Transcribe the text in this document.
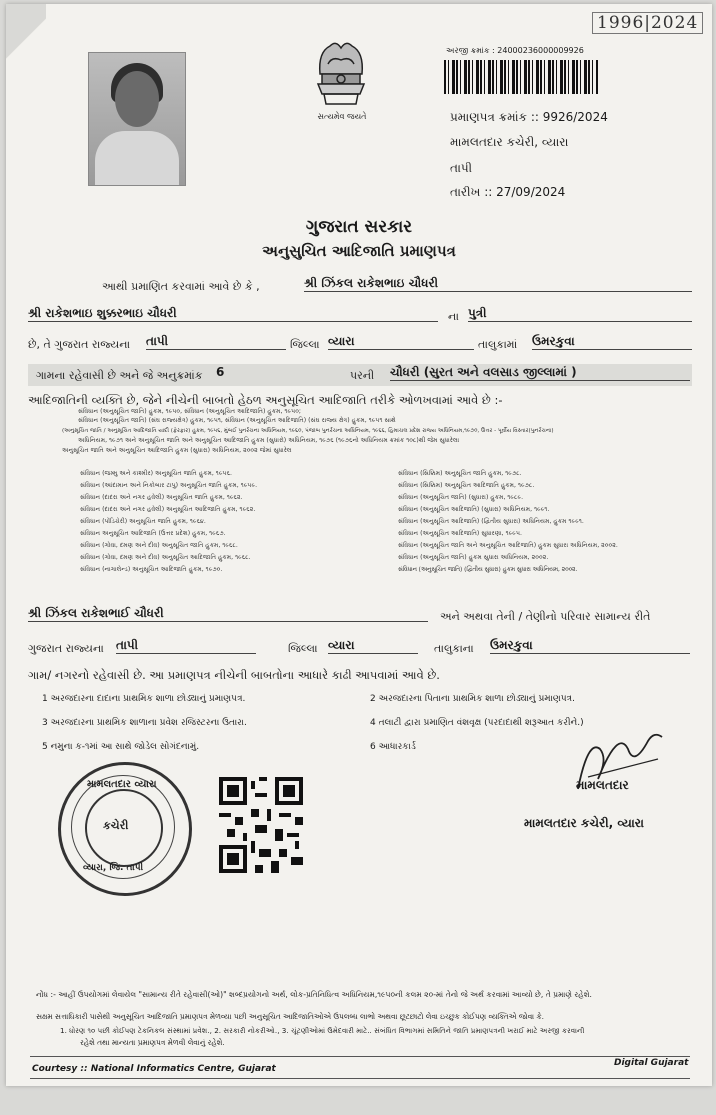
1996|2024
સત્યમેવ જયતે
અરજી ક્રમાંક : 24000236000009926
પ્રમાણપત્ર ક્રમાંક :: 9926/2024
મામલતદાર કચેરી, વ્યારા
તાપી
તારીખ :: 27/09/2024
ગુજરાત સરકાર
અનુસુચિત આદિજાતિ પ્રમાણપત્ર
આથી પ્રમાણિત કરવામાં આવે છે કે ,	શ્રી ઝિંકલ રાકેશભાઇ ચૌધરી
શ્રી રાકેશભાઇ શુક્કરભાઇ ચૌધરી	ના પુત્રી
છે, તે ગુજરાત રાજ્યના તાપી	જિલ્લા વ્યારા	તાલુકામાં ઉમરકુવા
ગામના રહેવાસી છે અને જે અનુક્રમાંક 6	પરની ચૌધરી (સુરત અને વલસાડ જીલ્લામાં )
આદિજાતિની વ્યક્તિ છે, જેને નીચેની બાબતો હેઠળ અનુસૂચિત આદિજાતિ તરીકે ઓળખવામાં આવે છે :-
સંવિધાન (અનુસૂચિત જાતિ) હુકમ, ૧૯૫૦, સંવિધાન (અનુસૂચિત આદિજાતિ) હુકમ, ૧૯૫૦;
સંવિધાન (અનુસૂચિત જાતિ) (સંઘ રાજ્યક્ષેત્ર) હુકમ, ૧૯૫૧, સંવિધાન (અનુસૂચિત આદિજાતિ) (સંઘ રાજ્ય ક્ષેત્ર) હુકમ, ૧૯૫૧ સાથે
(અનુસૂચિત જાતિ / અનુસૂચિત આદિજાતિ યાદી (ફેરફાર) હુકમ, ૧૯૫૬, મુંબઈ પુનર્રચના અધિનિયમ, ૧૯૬૦, પંજાબ પુનર્રચના અધિનિયમ, ૧૯૬૬, હિમાચલ પ્રદેશ રાજ્ય અધિનિયમ,૧૯૭૦, ઉત્તર - પૂર્વીય વિસ્તાર(પુનર્રચના)
અધિનિયમ, ૧૯૭૧ અને અનુસૂચિત જાતિ અને અનુસૂચિત આદિજાતિ હુકમ (સુધારો) અધિનિયમ, ૧૯૭૬ (૧૯૭૬નો અધિનિયમ ક્રમાંક ૧૦૮)થી જેમ સુધારેલા
અનુસૂચિત જાતિ અને અનુસૂચિત આદિજાતિ હુકમ (સુધારા) અધિનિયમ, ૨૦૦૨ જેમાં સુધારેલ
સંવિધાન (જમ્મુ અને કાશ્મીર) અનુસૂચિત જાતિ હુકમ, ૧૯૫૬.
સંવિધાન (આંદામાન અને નિકોબાર ટાપુ) અનુસૂચિત જાતિ હુકમ, ૧૯૫૯.
સંવિધાન (દાદરા અને નગર હવેલી) અનુસૂચિત જાતિ હુકમ, ૧૯૬૨.
સંવિધાન (દાદરા અને નગર હવેલી) અનુસૂચિત આદિજાતિ હુકમ, ૧૯૬૨.
સંવિધાન (પોંડિચેરી) અનુસૂચિત જાતિ હુકમ, ૧૯૬૪.
સંવિધાન અનુસૂચિત આદિજાતિ (ઉત્તર પ્રદેશ) હુકમ, ૧૯૬૭.
સંવિધાન (ગોવા, દમણ અને દીવ) અનુસૂચિત જાતિ હુકમ, ૧૯૬૮.
સંવિધાન (ગોવા, દમણ અને દીવ) અનુસૂચિત આદિજાતિ હુકમ, ૧૯૬૮.
સંવિધાન (નાગાલેન્ડ) અનુસૂચિત આદિજાતિ હુકમ, ૧૯૭૦.
સંવિધાન (સિક્કિમ) અનુસૂચિત જાતિ હુકમ, ૧૯૭૮.
સંવિધાન (સિક્કિમ) અનુસૂચિત આદિજાતિ હુકમ, ૧૯૭૮.
સંવિધાન (અનુસૂચિત જાતિ) (સુધારા) હુકમ, ૧૯૮૯.
સંવિધાન (અનુસૂચિત આદિજાતિ) (સુધારા) અધિનિયમ, ૧૯૯૧.
સંવિધાન (અનુસૂચિત આદિજાતિ) (દ્વિતીય સુધારા) અધિનિયમ, હુકમ ૧૯૯૧.
સંવિધાન (અનુસૂચિત આદિજાતિ) સુધારણા, ૧૯૯૫.
સંવિધાન (અનુસૂચિત જાતિ અને અનુસૂચિત આદિજાતિ) હુકમ સુધારા અધિનિયમ, ૨૦૦૨.
સંવિધાન (અનુસૂચિત જાતિ) હુકમ સુધારા અધિનિયમ, ૨૦૦૨.
સંવિધાન (અનુસૂચિત જાતિ) (દ્વિતીય સુધારા) હુકમ સુધારા અધિનિયમ, ૨૦૦૨.
શ્રી ઝિંકલ રાકેશભાઈ ચૌધરી	અને અથવા તેની / તેણીનો પરિવાર સામાન્ય રીતે
ગુજરાત રાજ્યના તાપી	જિલ્લા વ્યારા	તાલુકાના ઉમરકુવા
ગામ/ નગરનો રહેવાસી છે. આ પ્રમાણપત્ર નીચેની બાબતોના આધારે કાઢી આપવામાં આવે છે.
1 અરજદારના દાદાના પ્રાથમિક શાળા છોડ્યાનું પ્રમાણપત્ર.	2 અરજદારના પિતાના પ્રાથમિક શાળા છોડ્યાનું પ્રમાણપત્ર.
3 અરજદારના પ્રાથમિક શાળાના પ્રવેશ રજિસ્ટરના ઉતારા.	4 તલાટી દ્વારા પ્રમાણિત વંશવૃક્ષ (પરદાદાથી શરૂઆત કરીને.)
5 નમુના ક-૧માં આ સાથે જોડેલ સોગંદનામું.	6 આધારકાર્ડ
મામલતદાર વ્યારા
કચેરી
વ્યારા, જિ. તાપી
મામલતદાર
મામલતદાર કચેરી, વ્યારા
નોંધ :- આહીં ઉપયોગમાં લેવાયેલ "સામાન્ય રીતે રહેવાસી(ઓ)" શબ્દપ્રયોગનો અર્થ, લોક-પ્રતિનિધિત્વ અધિનિયમ,૧૯૫૦ની કલમ ૨૦-માં તેનો જે અર્થ કરવામાં આવ્યો છે, તે પ્રમાણે રહેશે.
સક્ષમ સત્તાધિકારી પાસેથી અનુસૂચિત આદિજાતિ પ્રમાણપત્ર મેળવ્યા પછી અનુસૂચિત આદિજાતિઓએ ઉપલબ્ધ લાભો અથવા છૂટછાટો લેવા ઇચ્છુક કોઈપણ વ્યક્તિએ જોવા કે.
1. ધોરણ ૧૦ પછી કોઈપણ ટેકનિકલ સંસ્થામાં પ્રવેશ., 2. સરકારી નોકરીઓ., 3. ચૂંટણીઓમાં ઉમેદવારી માટે.. સંબંધિત વિભાગમાં સમિતિને જાતિ પ્રમાણપત્રની ખરાઈ માટે અરજી કરવાની
રહેશે તથા માન્યતા પ્રમાણપત્ર મેળવી લેવાનું રહેશે.
Courtesy :: National Informatics Centre, Gujarat
Digital Gujarat
